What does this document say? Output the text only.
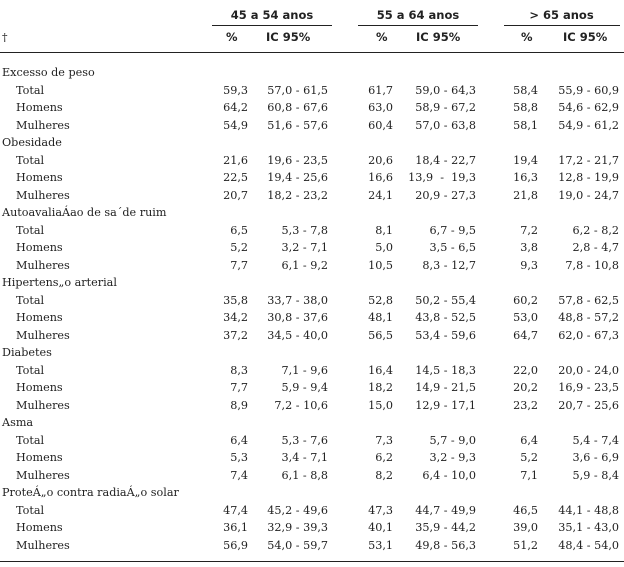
45 a 54 anos	55 a 64 anos	> 65 anos
†	% IC 95%	% IC 95%	%	IC 95%
Excesso de peso
Total	59,3 57,0 - 61,5	61,7 59,0 - 64,3	58,4 55,9 - 60,9
Homens	64,2 60,8 - 67,6	63,0 58,9 - 67,2	58,8 54,6 - 62,9
Mulheres	54,9 51,6 - 57,6	60,4 57,0 - 63,8	58,1 54,9 - 61,2
Obesidade
Total	21,6 19,6 - 23,5	20,6 18,4 - 22,7	19,4 17,2 - 21,7
Homens	22,5 19,4 - 25,6	16,6 13,9  -  19,3	16,3 12,8 - 19,9
Mulheres	20,7 18,2 - 23,2	24,1 20,9 - 27,3	21,8 19,0 - 24,7
AutoavaliaÁao de sa´de ruim
Total	6,5	5,3 - 7,8	8,1	6,7 - 9,5	7,2	6,2 - 8,2
Homens	5,2	3,2 - 7,1	5,0	3,5 - 6,5	3,8	2,8 - 4,7
Mulheres	7,7	6,1 - 9,2	10,5	8,3 - 12,7	9,3 7,8 - 10,8
Hipertens„o arterial
Total	35,8 33,7 - 38,0	52,8 50,2 - 55,4	60,2 57,8 - 62,5
Homens	34,2 30,8 - 37,6	48,1 43,8 - 52,5	53,0 48,8 - 57,2
Mulheres	37,2 34,5 - 40,0	56,5 53,4 - 59,6	64,7 62,0 - 67,3
Diabetes
Total	8,3	7,1 - 9,6	16,4 14,5 - 18,3	22,0 20,0 - 24,0
Homens	7,7	5,9 - 9,4	18,2 14,9 - 21,5	20,2 16,9 - 23,5
Mulheres	8,9 7,2 - 10,6	15,0 12,9 - 17,1	23,2 20,7 - 25,6
Asma
Total	6,4	5,3 - 7,6	7,3	5,7 - 9,0	6,4	5,4 - 7,4
Homens	5,3	3,4 - 7,1	6,2	3,2 - 9,3	5,2	3,6 - 6,9
Mulheres	7,4	6,1 - 8,8	8,2	6,4 - 10,0	7,1	5,9 - 8,4
ProteÁ„o contra radiaÁ„o solar
Total	47,4 45,2 - 49,6	47,3 44,7 - 49,9	46,5 44,1 - 48,8
Homens	36,1 32,9 - 39,3	40,1 35,9 - 44,2	39,0 35,1 - 43,0
Mulheres	56,9 54,0 - 59,7	53,1 49,8 - 56,3	51,2 48,4 - 54,0
